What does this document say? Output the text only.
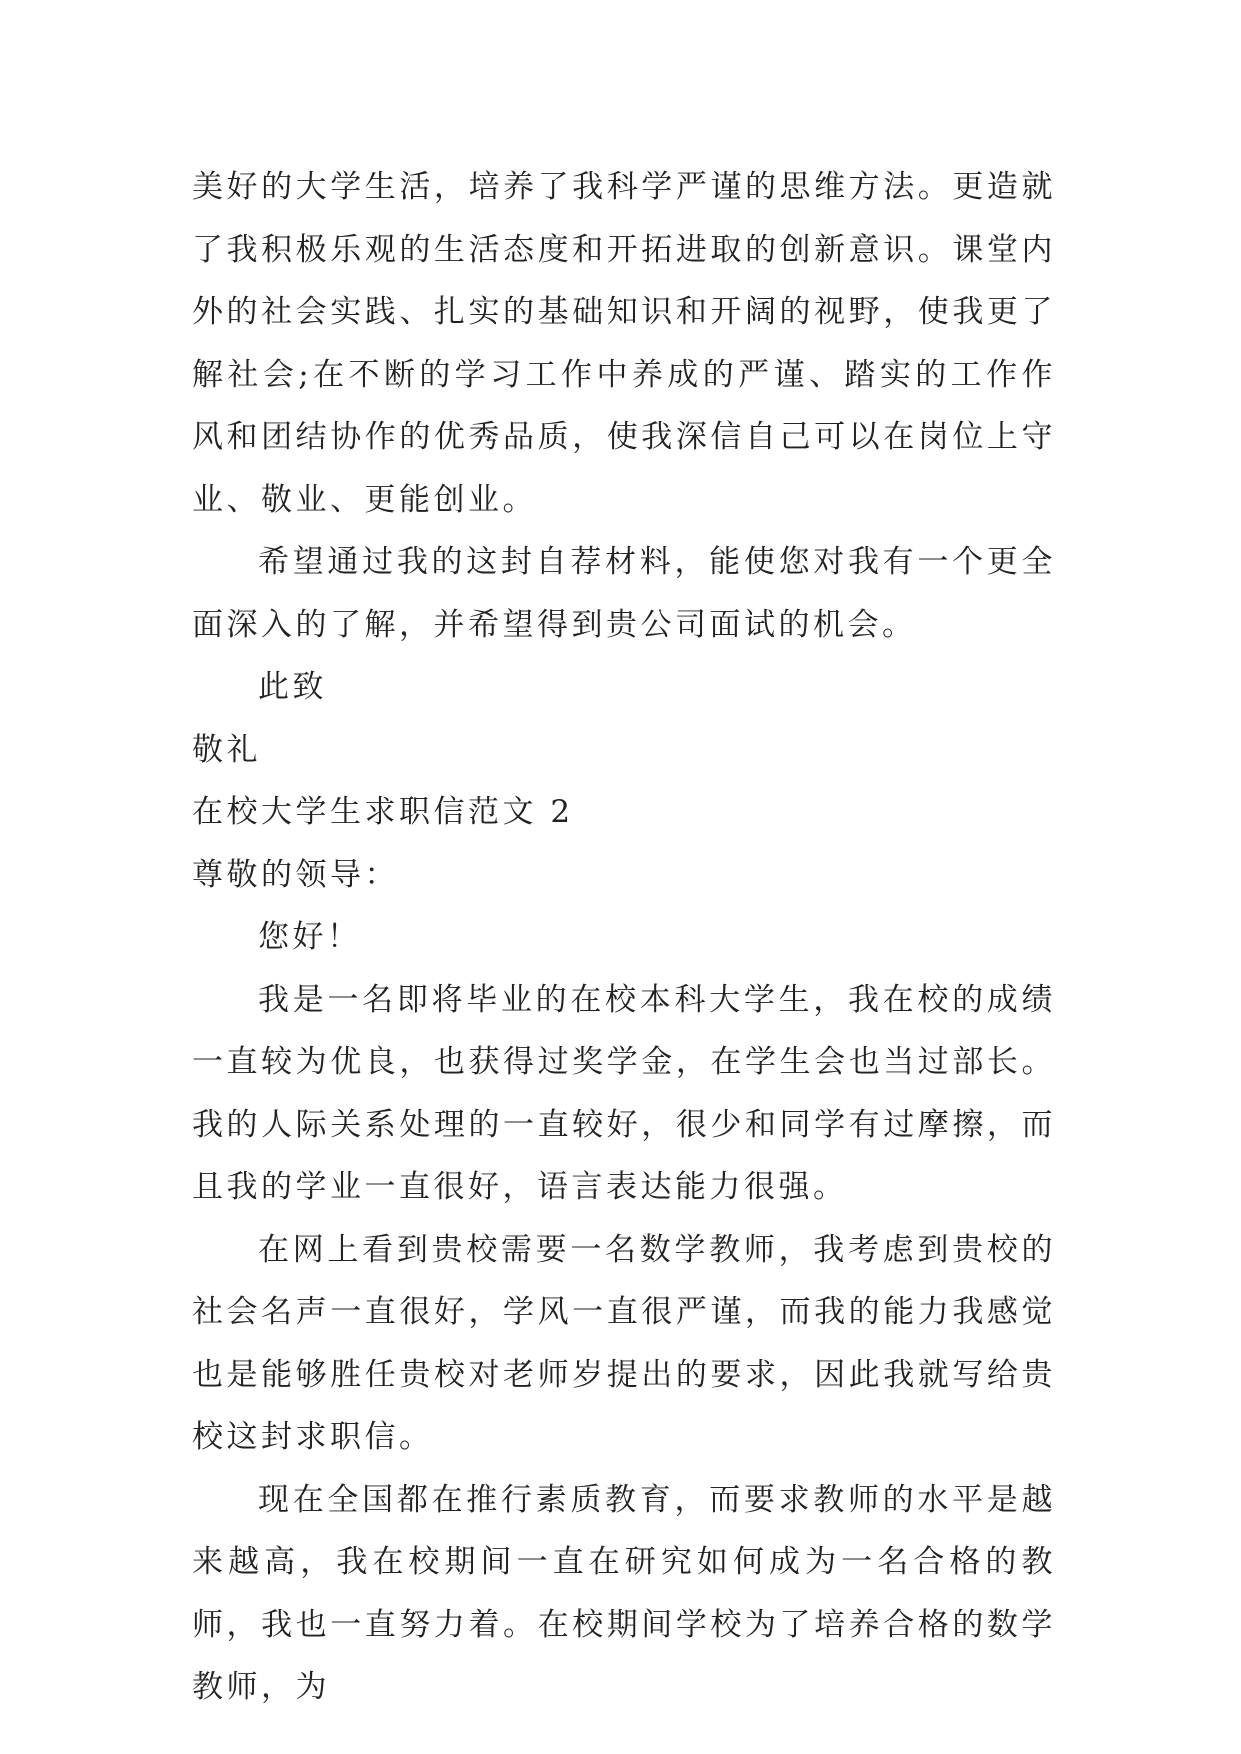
美好的大学生活，培养了我科学严谨的思维方法。更造就了我积极乐观的生活态度和开拓进取的创新意识。课堂内外的社会实践、扎实的基础知识和开阔的视野，使我更了解社会;在不断的学习工作中养成的严谨、踏实的工作作风和团结协作的优秀品质，使我深信自己可以在岗位上守业、敬业、更能创业。

希望通过我的这封自荐材料，能使您对我有一个更全面深入的了解，并希望得到贵公司面试的机会。

此致

敬礼

在校大学生求职信范文 2

尊敬的领导：

您好！

我是一名即将毕业的在校本科大学生，我在校的成绩一直较为优良，也获得过奖学金，在学生会也当过部长。我的人际关系处理的一直较好，很少和同学有过摩擦，而且我的学业一直很好，语言表达能力很强。

在网上看到贵校需要一名数学教师，我考虑到贵校的社会名声一直很好，学风一直很严谨，而我的能力我感觉也是能够胜任贵校对老师岁提出的要求，因此我就写给贵校这封求职信。

现在全国都在推行素质教育，而要求教师的水平是越来越高，我在校期间一直在研究如何成为一名合格的教师，我也一直努力着。在校期间学校为了培养合格的数学教师，为
